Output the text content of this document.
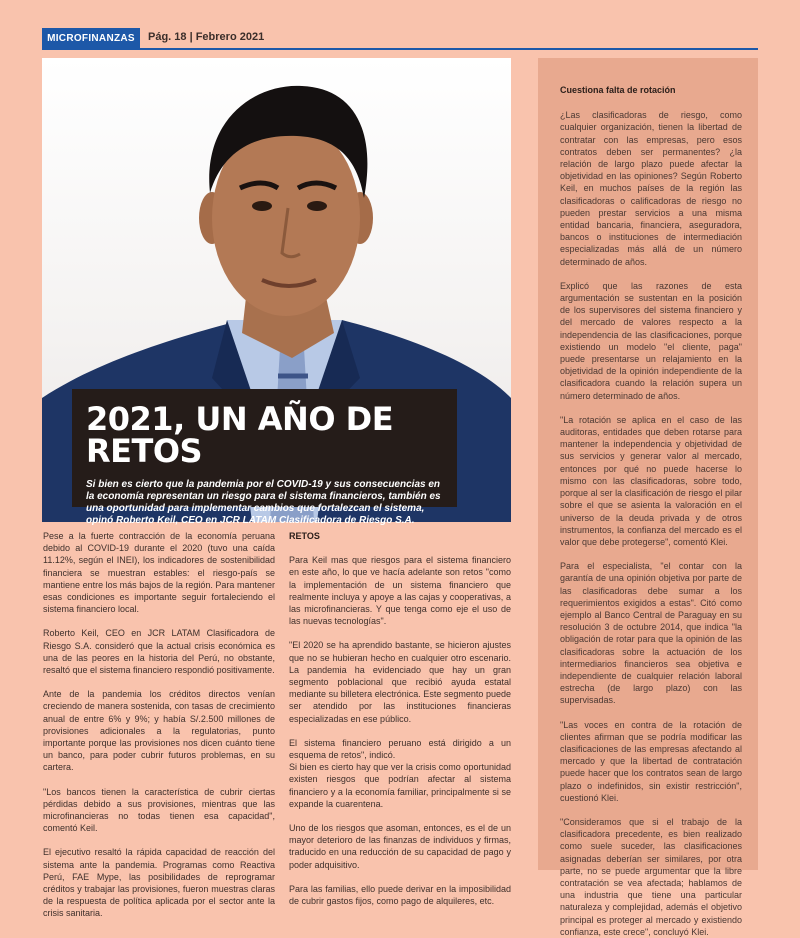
MICROFINANZAS	Pág. 18 | Febrero 2021
2021, UN AÑO DE RETOS

Si bien es cierto que la pandemia por el COVID-19 y sus consecuencias en la economía representan un riesgo para el sistema financieros, también es una oportunidad para implementar cambios que fortalezcan el sistema, opinó Roberto Keil, CEO en JCR LATAM Clasificadora de Riesgo S.A.

Pese a la fuerte contracción de la economía peruana debido al COVID-19 durante el 2020 (tuvo una caída 11.12%, según el INEI), los indicadores de sostenibilidad financiera se muestran estables: el riesgo-país se mantiene entre los más bajos de la región. Para mantener esas condiciones es importante seguir fortaleciendo el sistema financiero local.

Roberto Keil, CEO en JCR LATAM Clasificadora de Riesgo S.A. consideró que la actual crisis económica es una de las peores en la historia del Perú, no obstante, resaltó que el sistema financiero respondió positivamente.

Ante de la pandemia los créditos directos venían creciendo de manera sostenida, con tasas de crecimiento anual de entre 6% y 9%; y había S/.2.500 millones de provisiones adicionales a la regulatorias, punto importante porque las provisiones nos dicen cuánto tiene un banco, para poder cubrir futuros problemas, en su cartera.

"Los bancos tienen la característica de cubrir ciertas pérdidas debido a sus provisiones, mientras que las microfinancieras no todas tienen esa capacidad", comentó Keil.

El ejecutivo resaltó la rápida capacidad de reacción del sistema ante la pandemia. Programas como Reactiva Perú, FAE Mype, las posibilidades de reprogramar créditos y trabajar las provisiones, fueron muestras claras de la respuesta de política aplicada por el sector ante la crisis sanitaria.

RETOS

Para Keil mas que riesgos para el sistema financiero en este año, lo que ve hacía adelante son retos "como la implementación de un sistema financiero que realmente incluya y apoye a las cajas y cooperativas, a las microfinancieras. Y que tenga como eje el uso de las nuevas tecnologías".

"El 2020 se ha aprendido bastante, se hicieron ajustes que no se hubieran hecho en cualquier otro escenario. La pandemia ha evidenciado que hay un gran segmento poblacional que recibió ayuda estatal mediante su billetera electrónica. Este segmento puede ser atendido por las instituciones financieras especializadas en ese público.

El sistema financiero peruano está dirigido a un esquema de retos", indicó.
Si bien es cierto hay que ver la crisis como oportunidad existen riesgos que podrían afectar al sistema financiero y a la economía familiar, principalmente si se expande la cuarentena.

Uno de los riesgos que asoman, entonces, es el de un mayor deterioro de las finanzas de individuos y firmas, traducido en una reducción de su capacidad de pago y poder adquisitivo.

Para las familias, ello puede derivar en la imposibilidad de cubrir gastos fijos, como pago de alquileres, etc.

Cuestiona falta de rotación

¿Las clasificadoras de riesgo, como cualquier organización, tienen la libertad de contratar con las empresas, pero esos contratos deben ser permanentes? ¿la relación de largo plazo puede afectar la objetividad en las opiniones? Según Roberto Keil, en muchos países de la región las clasificadoras o calificadoras de riesgo no pueden prestar servicios a una misma entidad bancaria, financiera, aseguradora, bancos o instituciones de intermediación especializadas más allá de un número determinado de años.

Explicó que las razones de esta argumentación se sustentan en la posición de los supervisores del sistema financiero y del mercado de valores respecto a la independencia de las clasificaciones, porque existiendo un modelo "el cliente, paga" puede presentarse un relajamiento en la objetividad de la opinión independiente de la clasificadora cuando la relación supera un número determinado de años.

"La rotación se aplica en el caso de las auditoras, entidades que deben rotarse para mantener la independencia y objetividad de sus servicios y generar valor al mercado, entonces por qué no puede hacerse lo mismo con las clasificadoras, sobre todo, porque al ser la clasificación de riesgo el pilar sobre el que se asienta la valoración en el universo de la deuda privada y de otros instrumentos, la confianza del mercado es el valor que debe protegerse", comentó Klei.

Para el especialista, "el contar con la garantía de una opinión objetiva por parte de las clasificadoras debe sumar a los requerimientos exigidos a estas". Citó como ejemplo al Banco Central de Paraguay en su resolución 3 de octubre 2014, que indica "la obligación de rotar para que la opinión de las clasificadoras sobre la actuación de los intermediarios financieros sea objetiva e independiente de cualquier relación laboral estrecha (de largo plazo) con las supervisadas.

"Las voces en contra de la rotación de clientes afirman que se podría modificar las clasificaciones de las empresas afectando al mercado y que la libertad de contratación puede hacer que los contratos sean de largo plazo o indefinidos, sin existir restricción", cuestionó Klei.

"Consideramos que si el trabajo de la clasificadora precedente, es bien realizado como suele suceder, las clasificaciones asignadas deberían ser similares, por otra parte, no se puede argumentar que la libre contratación se vea afectada; hablamos de una industria que tiene una particular naturaleza y complejidad, además el objetivo principal es proteger al mercado y existiendo confianza, este crece", concluyó Klei.
